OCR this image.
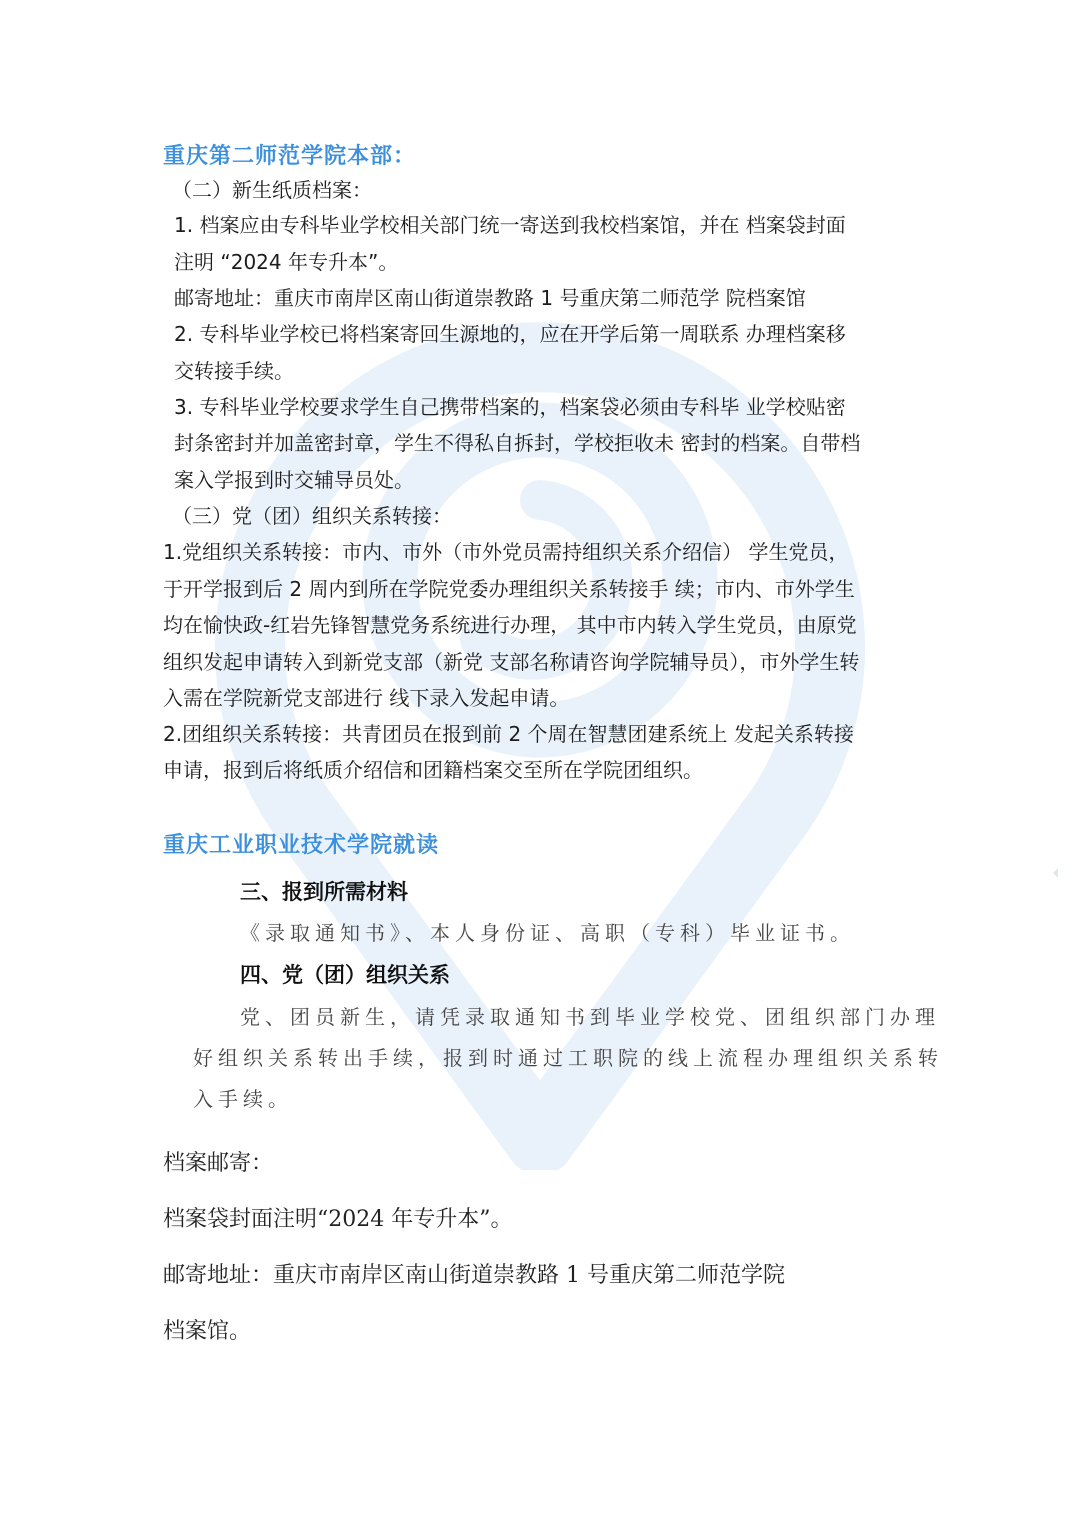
重庆第二师范学院本部：
（二）新生纸质档案：
1. 档案应由专科毕业学校相关部门统一寄送到我校档案馆，并在 档案袋封面
注明 “2024 年专升本”。
邮寄地址：重庆市南岸区南山街道崇教路 1 号重庆第二师范学 院档案馆
2. 专科毕业学校已将档案寄回生源地的，应在开学后第一周联系 办理档案移
交转接手续。
3. 专科毕业学校要求学生自己携带档案的，档案袋必须由专科毕 业学校贴密
封条密封并加盖密封章，学生不得私自拆封，学校拒收未 密封的档案。自带档
案入学报到时交辅导员处。
（三）党（团）组织关系转接：
1.党组织关系转接：市内、市外（市外党员需持组织关系介绍信） 学生党员，
于开学报到后 2 周内到所在学院党委办理组织关系转接手 续；市内、市外学生
均在愉快政-红岩先锋智慧党务系统进行办理， 其中市内转入学生党员，由原党
组织发起申请转入到新党支部（新党 支部名称请咨询学院辅导员），市外学生转
入需在学院新党支部进行 线下录入发起申请。
2.团组织关系转接：共青团员在报到前 2 个周在智慧团建系统上 发起关系转接
申请，报到后将纸质介绍信和团籍档案交至所在学院团组织。
重庆工业职业技术学院就读
三、报到所需材料
《录取通知书》、本人身份证、高职（专科）毕业证书。
四、党（团）组织关系
党、团员新生，请凭录取通知书到毕业学校党、团组织部门办理
好组织关系转出手续，报到时通过工职院的线上流程办理组织关系转
入手续。
档案邮寄：
档案袋封面注明“2024 年专升本”。
邮寄地址：重庆市南岸区南山街道崇教路 1 号重庆第二师范学院
档案馆。
